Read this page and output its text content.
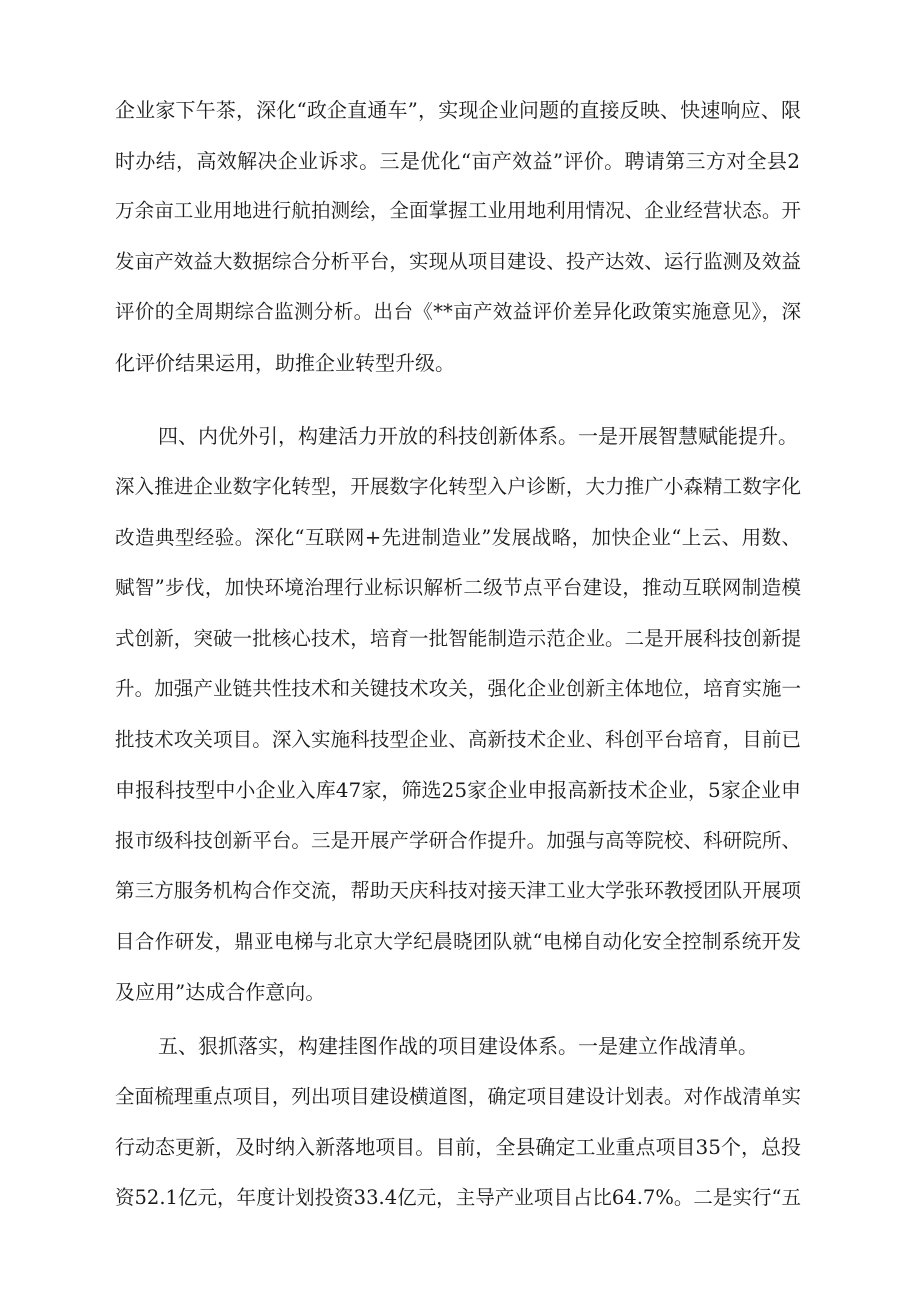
企业家下午茶，深化“政企直通车”，实现企业问题的直接反映、快速响应、限
时办结，高效解决企业诉求。三是优化“亩产效益”评价。聘请第三方对全县2
万余亩工业用地进行航拍测绘，全面掌握工业用地利用情况、企业经营状态。开
发亩产效益大数据综合分析平台，实现从项目建设、投产达效、运行监测及效益
评价的全周期综合监测分析。出台《**亩产效益评价差异化政策实施意见》，深
化评价结果运用，助推企业转型升级。
四、内优外引，构建活力开放的科技创新体系。一是开展智慧赋能提升。
深入推进企业数字化转型，开展数字化转型入户诊断，大力推广小森精工数字化
改造典型经验。深化“互联网+先进制造业”发展战略，加快企业“上云、用数、
赋智”步伐，加快环境治理行业标识解析二级节点平台建设，推动互联网制造模
式创新，突破一批核心技术，培育一批智能制造示范企业。二是开展科技创新提
升。加强产业链共性技术和关键技术攻关，强化企业创新主体地位，培育实施一
批技术攻关项目。深入实施科技型企业、高新技术企业、科创平台培育，目前已
申报科技型中小企业入库47家，筛选25家企业申报高新技术企业，5家企业申
报市级科技创新平台。三是开展产学研合作提升。加强与高等院校、科研院所、
第三方服务机构合作交流，帮助天庆科技对接天津工业大学张环教授团队开展项
目合作研发，鼎亚电梯与北京大学纪晨晓团队就“电梯自动化安全控制系统开发
及应用”达成合作意向。
五、狠抓落实，构建挂图作战的项目建设体系。一是建立作战清单。
全面梳理重点项目，列出项目建设横道图，确定项目建设计划表。对作战清单实
行动态更新，及时纳入新落地项目。目前，全县确定工业重点项目35个，总投
资52.1亿元，年度计划投资33.4亿元，主导产业项目占比64.7%。二是实行“五
